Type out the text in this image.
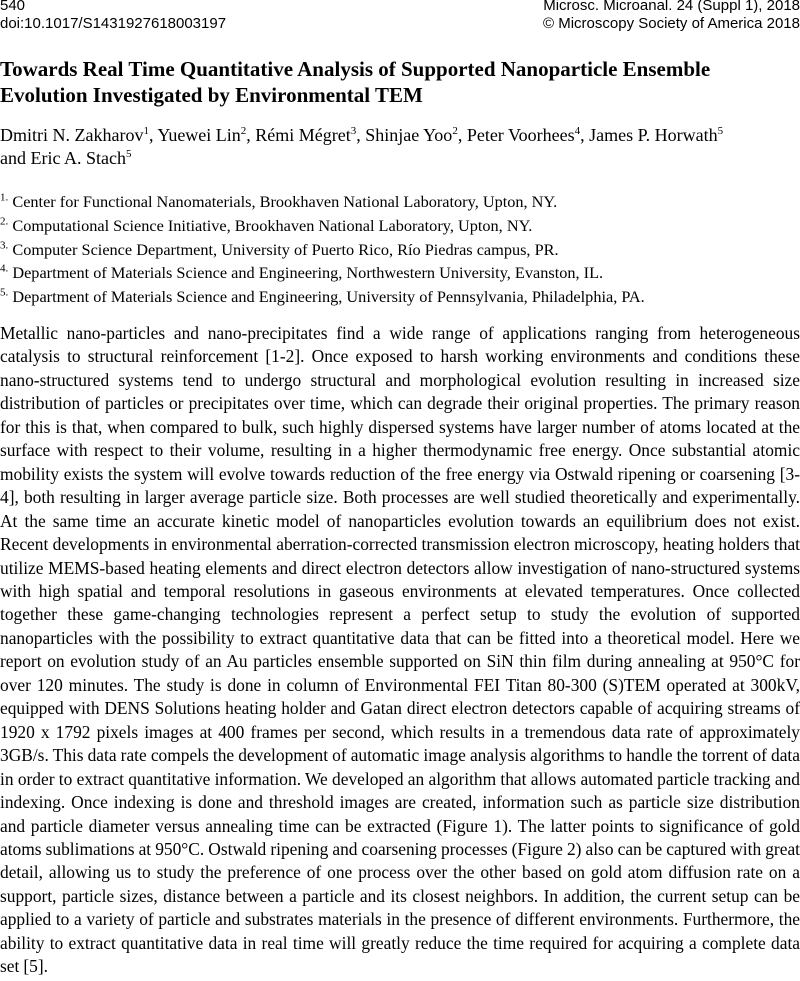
540
doi:10.1017/S1431927618003197
Microsc. Microanal. 24 (Suppl 1), 2018
© Microscopy Society of America 2018
Towards Real Time Quantitative Analysis of Supported Nanoparticle Ensemble Evolution Investigated by Environmental TEM

Dmitri N. Zakharov$^1$, Yuewei Lin$^2$, Rémi Mégret$^3$, Shinjae Yoo$^2$, Peter Voorhees$^4$, James P. Horwath$^5$
and Eric A. Stach$^5$

$^{1.}$ Center for Functional Nanomaterials, Brookhaven National Laboratory, Upton, NY.
$^{2.}$ Computational Science Initiative, Brookhaven National Laboratory, Upton, NY.
$^{3.}$ Computer Science Department, University of Puerto Rico, Río Piedras campus, PR.
$^{4.}$ Department of Materials Science and Engineering, Northwestern University, Evanston, IL.
$^{5.}$ Department of Materials Science and Engineering, University of Pennsylvania, Philadelphia, PA.

Metallic nano-particles and nano-precipitates find a wide range of applications ranging from heterogeneous catalysis to structural reinforcement [1-2]. Once exposed to harsh working environments and conditions these nano-structured systems tend to undergo structural and morphological evolution resulting in increased size distribution of particles or precipitates over time, which can degrade their original properties. The primary reason for this is that, when compared to bulk, such highly dispersed systems have larger number of atoms located at the surface with respect to their volume, resulting in a higher thermodynamic free energy. Once substantial atomic mobility exists the system will evolve towards reduction of the free energy via Ostwald ripening or coarsening [3-4], both resulting in larger average particle size. Both processes are well studied theoretically and experimentally. At the same time an accurate kinetic model of nanoparticles evolution towards an equilibrium does not exist. Recent developments in environmental aberration-corrected transmission electron microscopy, heating holders that utilize MEMS-based heating elements and direct electron detectors allow investigation of nano-structured systems with high spatial and temporal resolutions in gaseous environments at elevated temperatures. Once collected together these game-changing technologies represent a perfect setup to study the evolution of supported nanoparticles with the possibility to extract quantitative data that can be fitted into a theoretical model. Here we report on evolution study of an Au particles ensemble supported on SiN thin film during annealing at 950°C for over 120 minutes. The study is done in column of Environmental FEI Titan 80-300 (S)TEM operated at 300kV, equipped with DENS Solutions heating holder and Gatan direct electron detectors capable of acquiring streams of 1920 x 1792 pixels images at 400 frames per second, which results in a tremendous data rate of approximately 3GB/s. This data rate compels the development of automatic image analysis algorithms to handle the torrent of data in order to extract quantitative information. We developed an algorithm that allows automated particle tracking and indexing. Once indexing is done and threshold images are created, information such as particle size distribution and particle diameter versus annealing time can be extracted (Figure 1). The latter points to significance of gold atoms sublimations at 950°C. Ostwald ripening and coarsening processes (Figure 2) also can be captured with great detail, allowing us to study the preference of one process over the other based on gold atom diffusion rate on a support, particle sizes, distance between a particle and its closest neighbors. In addition, the current setup can be applied to a variety of particle and substrates materials in the presence of different environments. Furthermore, the ability to extract quantitative data in real time will greatly reduce the time required for acquiring a complete data set [5].
